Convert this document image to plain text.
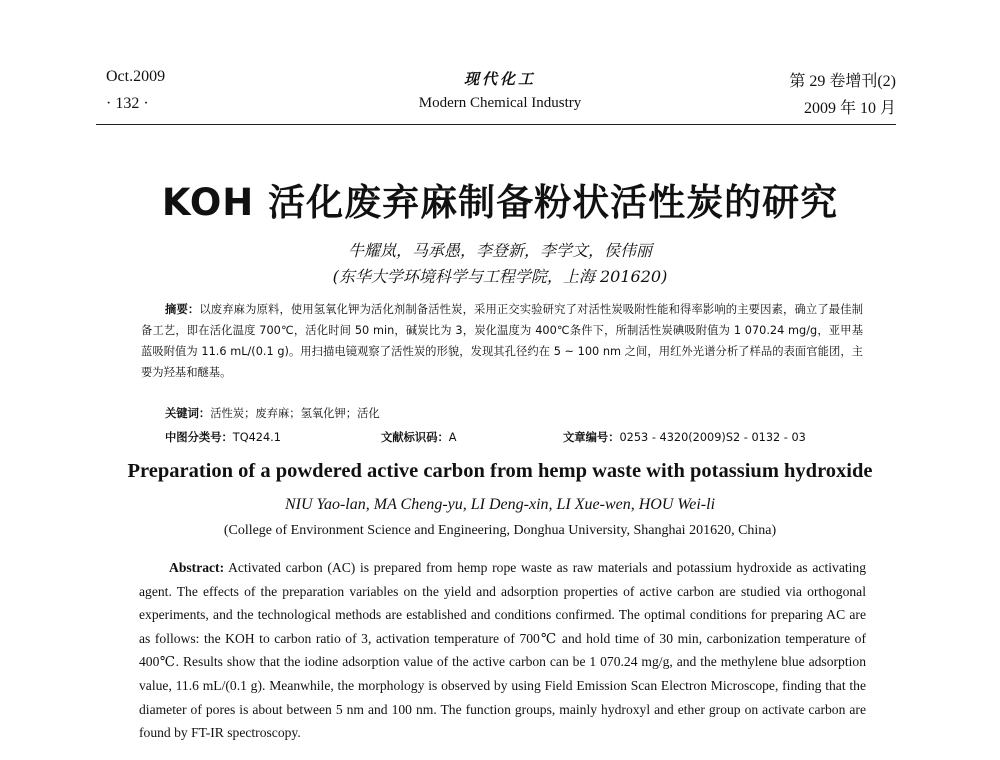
Oct.2009	现代化工	第 29 卷增刊(2)
· 132 ·	Modern Chemical Industry	2009 年 10 月
KOH 活化废弃麻制备粉状活性炭的研究
牛耀岚，马承愚，李登新，李学文，侯伟丽
(东华大学环境科学与工程学院，上海 201620)

摘要：以废弃麻为原料，使用氢氧化钾为活化剂制备活性炭，采用正交实验研究了对活性炭吸附性能和得率影响的主要因素，确立了最佳制备工艺，即在活化温度 700℃，活化时间 50 min，碱炭比为 3，炭化温度为 400℃条件下，所制活性炭碘吸附值为 1 070.24 mg/g，亚甲基蓝吸附值为 11.6 mL/(0.1 g)。用扫描电镜观察了活性炭的形貌，发现其孔径约在 5 ~ 100 nm 之间，用红外光谱分析了样品的表面官能团，主要为羟基和醚基。

关键词：活性炭；废弃麻；氢氧化钾；活化
中图分类号：TQ424.1	文献标识码：A	文章编号：0253 - 4320(2009)S2 - 0132 - 03
Preparation of a powdered active carbon from hemp waste with potassium hydroxide
NIU Yao-lan, MA Cheng-yu, LI Deng-xin, LI Xue-wen, HOU Wei-li
(College of Environment Science and Engineering, Donghua University, Shanghai 201620, China)

Abstract: Activated carbon (AC) is prepared from hemp rope waste as raw materials and potassium hydroxide as activating agent. The effects of the preparation variables on the yield and adsorption properties of active carbon are studied via orthogonal experiments, and the technological methods are established and conditions confirmed. The optimal conditions for preparing AC are as follows: the KOH to carbon ratio of 3, activation temperature of 700℃ and hold time of 30 min, carbonization temperature of 400℃. Results show that the iodine adsorption value of the active carbon can be 1 070.24 mg/g, and the methylene blue adsorption value, 11.6 mL/(0.1 g). Meanwhile, the morphology is observed by using Field Emission Scan Electron Microscope, finding that the diameter of pores is about between 5 nm and 100 nm. The function groups, mainly hydroxyl and ether group on activate carbon are found by FT-IR spectroscopy.
